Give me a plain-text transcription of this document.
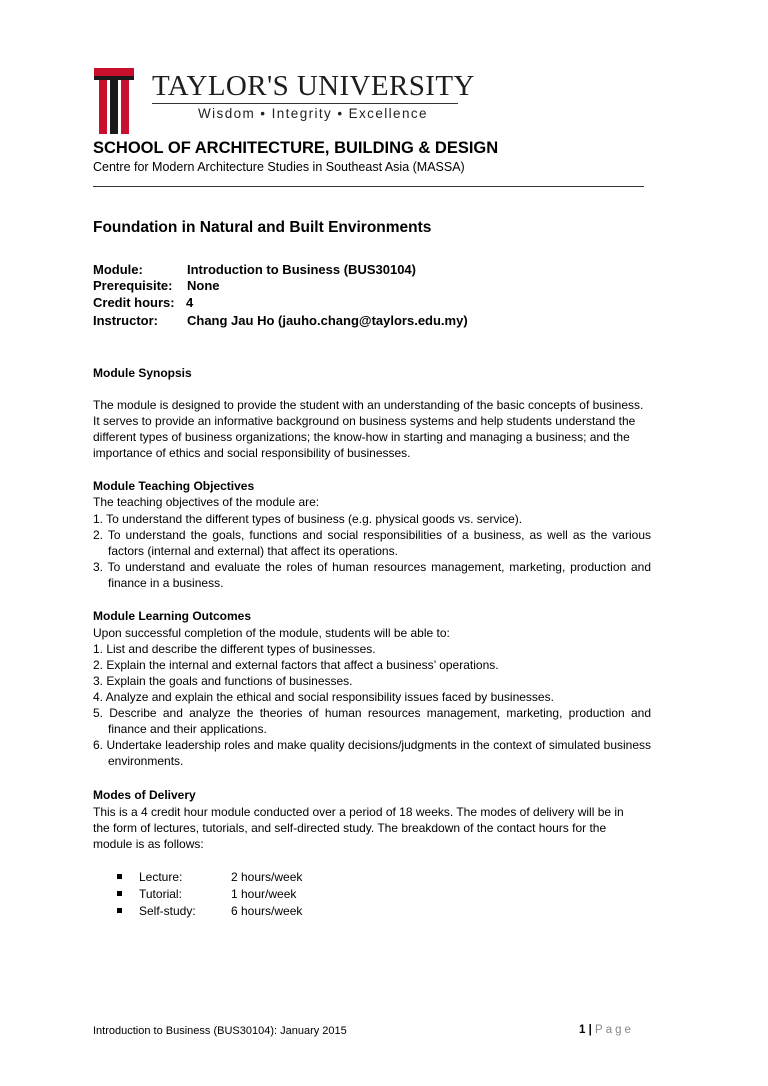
TAYLOR'S UNIVERSITY
Wisdom • Integrity • Excellence
SCHOOL OF ARCHITECTURE, BUILDING & DESIGN
Centre for Modern Architecture Studies in Southeast Asia (MASSA)
Foundation in Natural and Built Environments
Module:	Introduction to Business (BUS30104)
Prerequisite: None
Credit hours: 4
Instructor: Chang Jau Ho (jauho.chang@taylors.edu.my)
Module Synopsis

The module is designed to provide the student with an understanding of the basic concepts of business. It serves to provide an informative background on business systems and help students understand the different types of business organizations; the know-how in starting and managing a business; and the importance of ethics and social responsibility of businesses.

Module Teaching Objectives
The teaching objectives of the module are:
1. To understand the different types of business (e.g. physical goods vs. service).
2. To understand the goals, functions and social responsibilities of a business, as well as the various factors (internal and external) that affect its operations.
3. To understand and evaluate the roles of human resources management, marketing, production and finance in a business.
Module Learning Outcomes
Upon successful completion of the module, students will be able to:
1. List and describe the different types of businesses.
2. Explain the internal and external factors that affect a business’ operations.
3. Explain the goals and functions of businesses.
4. Analyze and explain the ethical and social responsibility issues faced by businesses.
5. Describe and analyze the theories of human resources management, marketing, production and finance and their applications.
6. Undertake leadership roles and make quality decisions/judgments in the context of simulated business environments.
Modes of Delivery

This is a 4 credit hour module conducted over a period of 18 weeks. The modes of delivery will be in the form of lectures, tutorials, and self-directed study. The breakdown of the contact hours for the module is as follows:

Lecture:	2 hours/week
Tutorial:	1 hour/week
Self-study:	6 hours/week
Introduction to Business (BUS30104): January 2015	1 | Page
